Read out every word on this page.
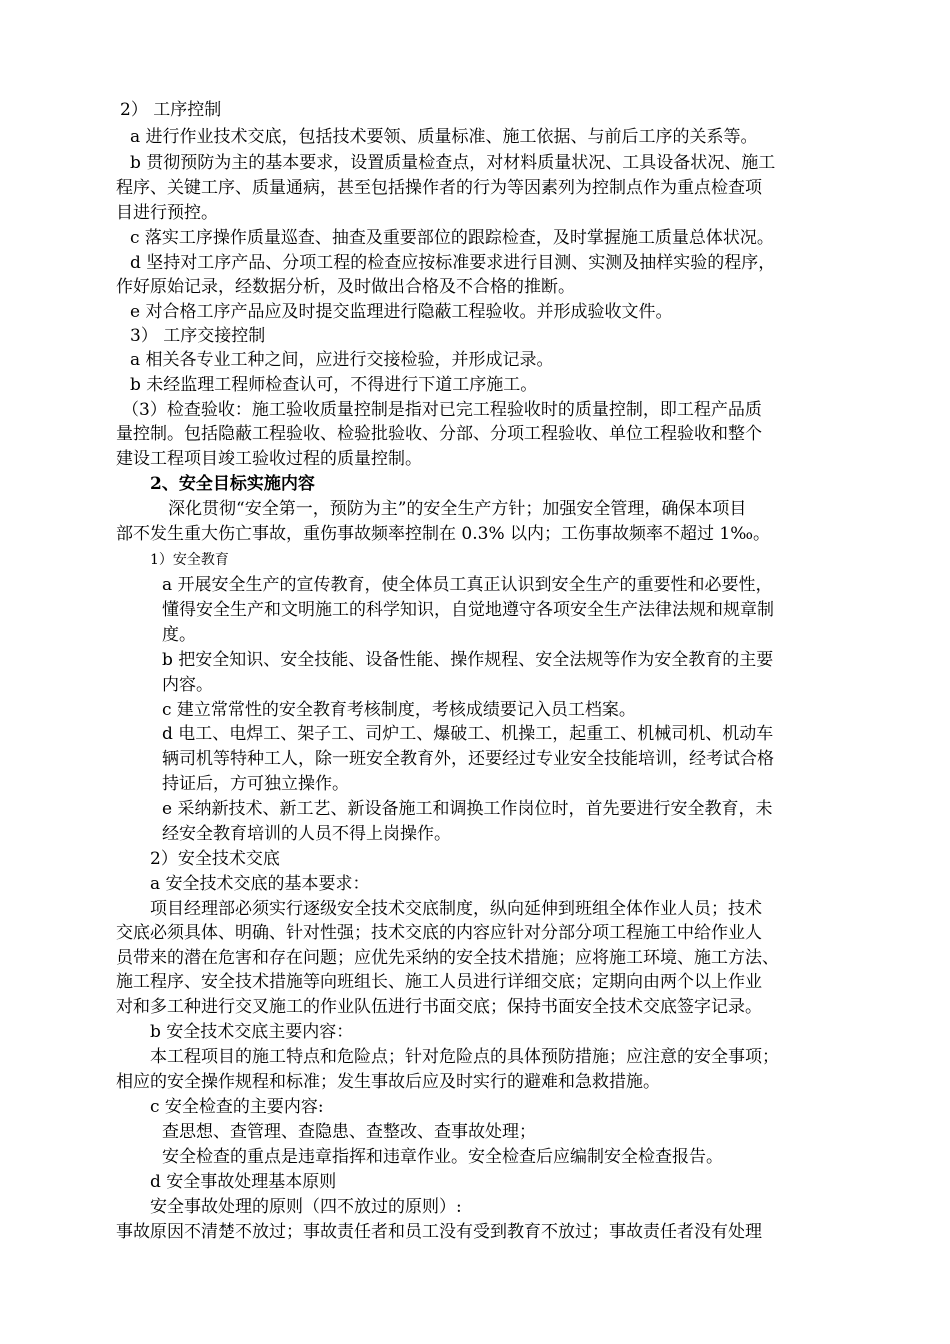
2） 工序控制
a 进行作业技术交底，包括技术要领、质量标准、施工依据、与前后工序的关系等。
b 贯彻预防为主的基本要求，设置质量检查点，对材料质量状况、工具设备状况、施工
程序、关键工序、质量通病，甚至包括操作者的行为等因素列为控制点作为重点检查项
目进行预控。
c 落实工序操作质量巡查、抽查及重要部位的跟踪检查，及时掌握施工质量总体状况。
d 坚持对工序产品、分项工程的检查应按标准要求进行目测、实测及抽样实验的程序，
作好原始记录，经数据分析，及时做出合格及不合格的推断。
e 对合格工序产品应及时提交监理进行隐蔽工程验收。并形成验收文件。
3） 工序交接控制
a 相关各专业工种之间，应进行交接检验，并形成记录。
b 未经监理工程师检查认可，不得进行下道工序施工。
（3）检查验收：施工验收质量控制是指对已完工程验收时的质量控制，即工程产品质
量控制。包括隐蔽工程验收、检验批验收、分部、分项工程验收、单位工程验收和整个
建设工程项目竣工验收过程的质量控制。
2、安全目标实施内容
深化贯彻“安全第一，预防为主”的安全生产方针；加强安全管理，确保本项目
部不发生重大伤亡事故，重伤事故频率控制在 0.3% 以内；工伤事故频率不超过 1‰。
1）安全教育
a 开展安全生产的宣传教育，使全体员工真正认识到安全生产的重要性和必要性，
懂得安全生产和文明施工的科学知识，自觉地遵守各项安全生产法律法规和规章制
度。
b 把安全知识、安全技能、设备性能、操作规程、安全法规等作为安全教育的主要
内容。
c 建立常常性的安全教育考核制度，考核成绩要记入员工档案。
d 电工、电焊工、架子工、司炉工、爆破工、机操工，起重工、机械司机、机动车
辆司机等特种工人，除一班安全教育外，还要经过专业安全技能培训，经考试合格
持证后，方可独立操作。
e 采纳新技术、新工艺、新设备施工和调换工作岗位时，首先要进行安全教育，未
经安全教育培训的人员不得上岗操作。
2）安全技术交底
a 安全技术交底的基本要求：
项目经理部必须实行逐级安全技术交底制度，纵向延伸到班组全体作业人员；技术
交底必须具体、明确、针对性强；技术交底的内容应针对分部分项工程施工中给作业人
员带来的潜在危害和存在问题；应优先采纳的安全技术措施；应将施工环境、施工方法、
施工程序、安全技术措施等向班组长、施工人员进行详细交底；定期向由两个以上作业
对和多工种进行交叉施工的作业队伍进行书面交底；保持书面安全技术交底签字记录。
b 安全技术交底主要内容：
本工程项目的施工特点和危险点；针对危险点的具体预防措施；应注意的安全事项；
相应的安全操作规程和标准；发生事故后应及时实行的避难和急救措施。
c 安全检查的主要内容:
查思想、查管理、查隐患、查整改、查事故处理；
安全检查的重点是违章指挥和违章作业。安全检查后应编制安全检查报告。
d 安全事故处理基本原则
安全事故处理的原则（四不放过的原则）:
事故原因不清楚不放过；事故责任者和员工没有受到教育不放过；事故责任者没有处理
